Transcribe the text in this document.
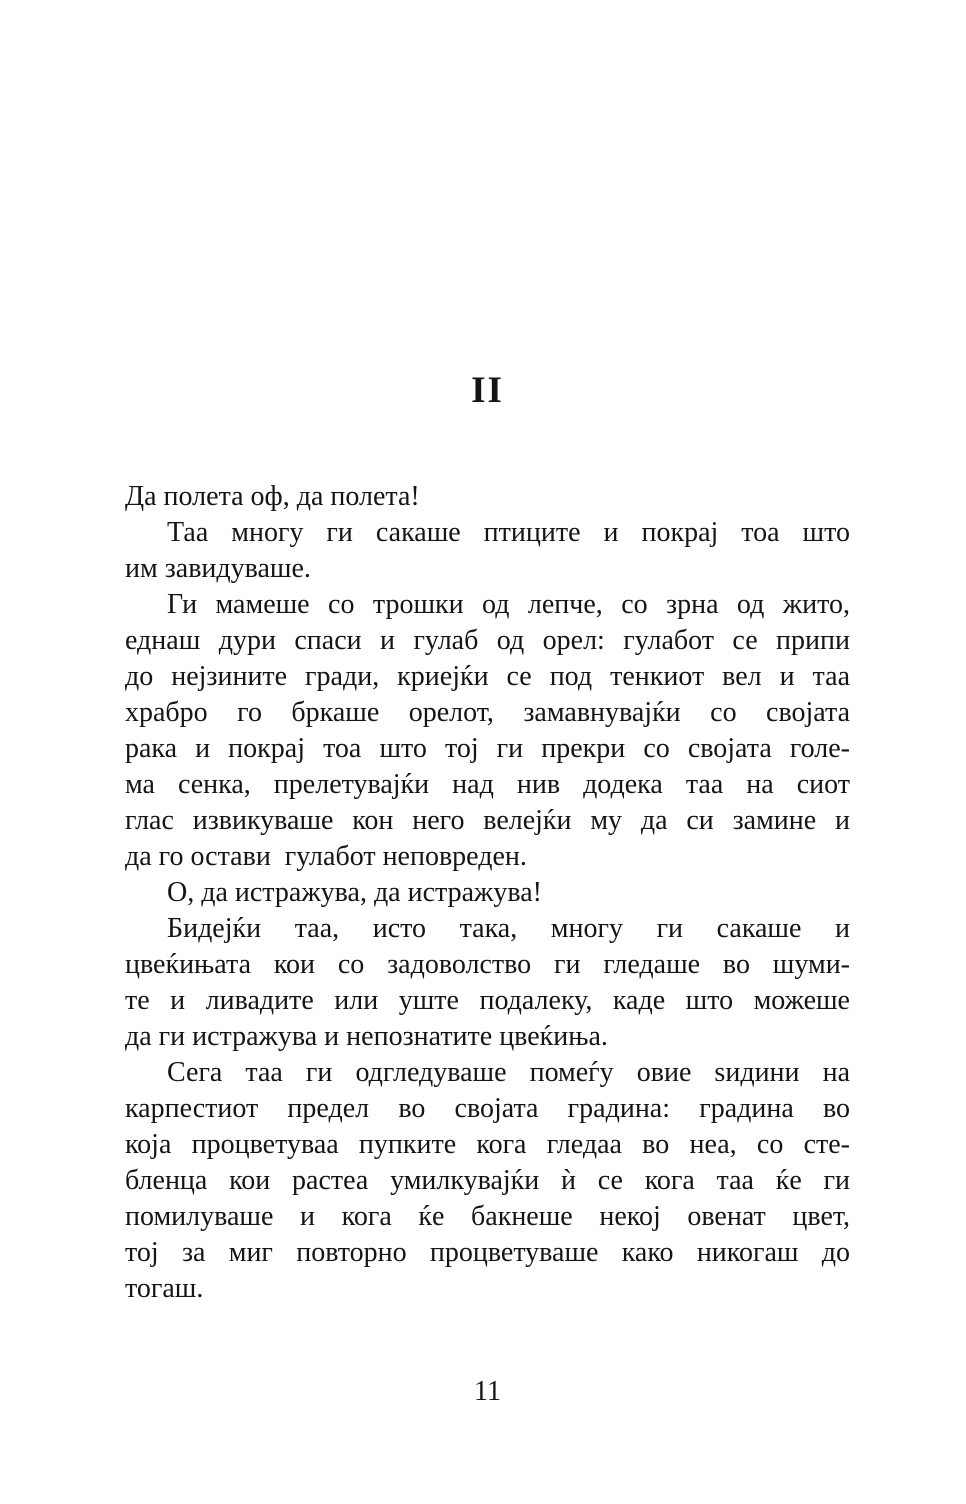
II
Да полета оф, да полета!
Таа многу ги сакаше птиците и покрај тоа што
им завидуваше.
Ги мамеше со трошки од лепче, со зрна од жито,
еднаш дури спаси и гулаб од орел: гулабот се припи
до нејзините гради, криејќи се под тенкиот вел и таа
храбро го бркаше орелот, замавнувајќи со својата
рака и покрај тоа што тој ги прекри со својата голе-
ма сенка, прелетувајќи над нив додека таа на сиот
глас извикуваше кон него велејќи му да си замине и
да го остави  гулабот неповреден.
О, да истражува, да истражува!
Бидејќи таа, исто така, многу ги сакаше и
цвеќињата кои со задоволство ги гледаше во шуми-
те и ливадите или уште подалеку, каде што можеше
да ги истражува и непознатите цвеќиња.
Сега таа ги одгледуваше помеѓу овие ѕидини на
карпестиот предел во својата градина: градина во
која процветуваа пупките кога гледаа во неа, со сте-
бленца кои растеа умилкувајќи ѝ се кога таа ќе ги
помилуваше и кога ќе бакнеше некој овенат цвет,
тој за миг повторно процветуваше како никогаш до
тогаш.
11
